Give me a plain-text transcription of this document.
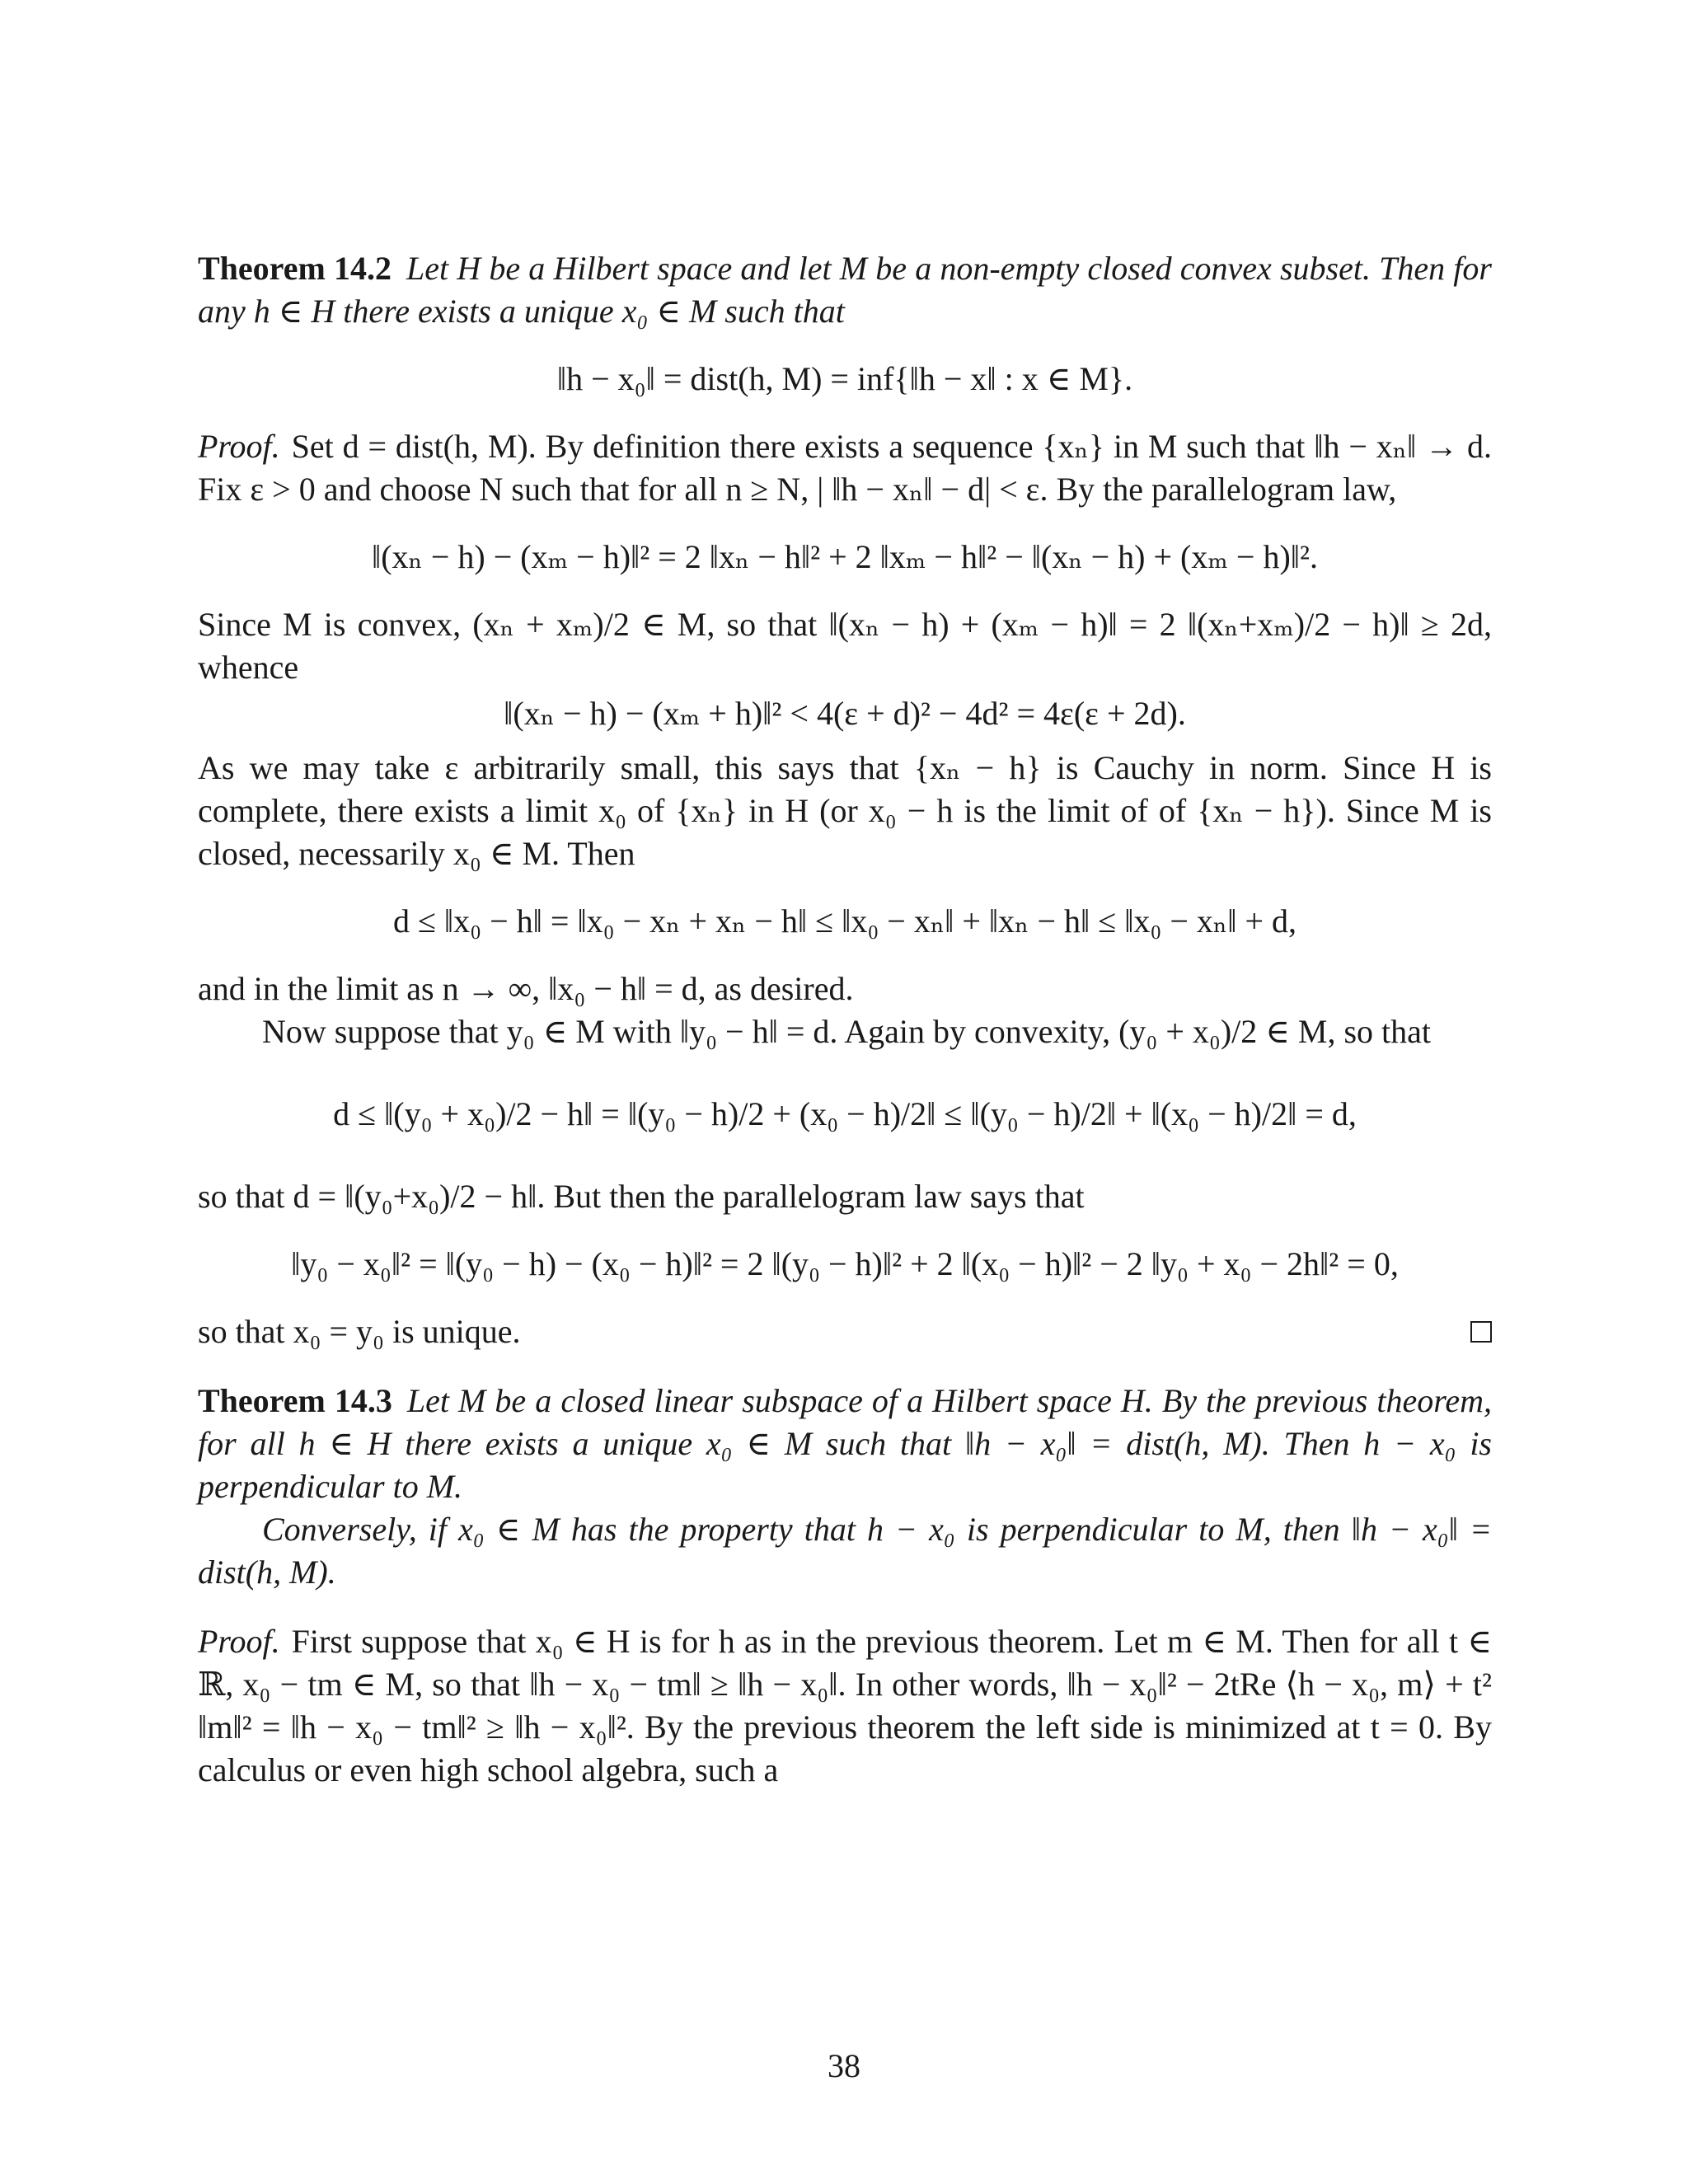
Theorem 14.2 Let H be a Hilbert space and let M be a non-empty closed convex subset. Then for any h ∈ H there exists a unique x₀ ∈ M such that

‖h − x₀‖ = dist(h, M) = inf{‖h − x‖ : x ∈ M}.

Proof. Set d = dist(h, M). By definition there exists a sequence {xₙ} in M such that ‖h − xₙ‖ → d. Fix ε > 0 and choose N such that for all n ≥ N, | ‖h − xₙ‖ − d| < ε. By the parallelogram law,

‖(xₙ − h) − (xₘ − h)‖² = 2 ‖xₙ − h‖² + 2 ‖xₘ − h‖² − ‖(xₙ − h) + (xₘ − h)‖².

Since M is convex, (xₙ + xₘ)/2 ∈ M, so that ‖(xₙ − h) + (xₘ − h)‖ = 2 ‖(xₙ+xₘ)/2 − h)‖ ≥ 2d, whence

‖(xₙ − h) − (xₘ + h)‖² < 4(ε + d)² − 4d² = 4ε(ε + 2d).

As we may take ε arbitrarily small, this says that {xₙ − h} is Cauchy in norm. Since H is complete, there exists a limit x₀ of {xₙ} in H (or x₀ − h is the limit of of {xₙ − h}). Since M is closed, necessarily x₀ ∈ M. Then

d ≤ ‖x₀ − h‖ = ‖x₀ − xₙ + xₙ − h‖ ≤ ‖x₀ − xₙ‖ + ‖xₙ − h‖ ≤ ‖x₀ − xₙ‖ + d,

and in the limit as n → ∞, ‖x₀ − h‖ = d, as desired.

Now suppose that y₀ ∈ M with ‖y₀ − h‖ = d. Again by convexity, (y₀ + x₀)/2 ∈ M, so that

d ≤ ‖(y₀ + x₀)/2 − h‖ = ‖(y₀ − h)/2 + (x₀ − h)/2‖ ≤ ‖(y₀ − h)/2‖ + ‖(x₀ − h)/2‖ = d,

so that d = ‖(y₀+x₀)/2 − h‖. But then the parallelogram law says that

‖y₀ − x₀‖² = ‖(y₀ − h) − (x₀ − h)‖² = 2 ‖(y₀ − h)‖² + 2 ‖(x₀ − h)‖² − 2 ‖y₀ + x₀ − 2h‖² = 0,

so that x₀ = y₀ is unique.

Theorem 14.3 Let M be a closed linear subspace of a Hilbert space H. By the previous theorem, for all h ∈ H there exists a unique x₀ ∈ M such that ‖h − x₀‖ = dist(h, M). Then h − x₀ is perpendicular to M.

Conversely, if x₀ ∈ M has the property that h − x₀ is perpendicular to M, then ‖h − x₀‖ = dist(h, M).

Proof. First suppose that x₀ ∈ H is for h as in the previous theorem. Let m ∈ M. Then for all t ∈ ℝ, x₀ − tm ∈ M, so that ‖h − x₀ − tm‖ ≥ ‖h − x₀‖. In other words, ‖h − x₀‖² − 2tRe ⟨h − x₀, m⟩ + t² ‖m‖² = ‖h − x₀ − tm‖² ≥ ‖h − x₀‖². By the previous theorem the left side is minimized at t = 0. By calculus or even high school algebra, such a

38
